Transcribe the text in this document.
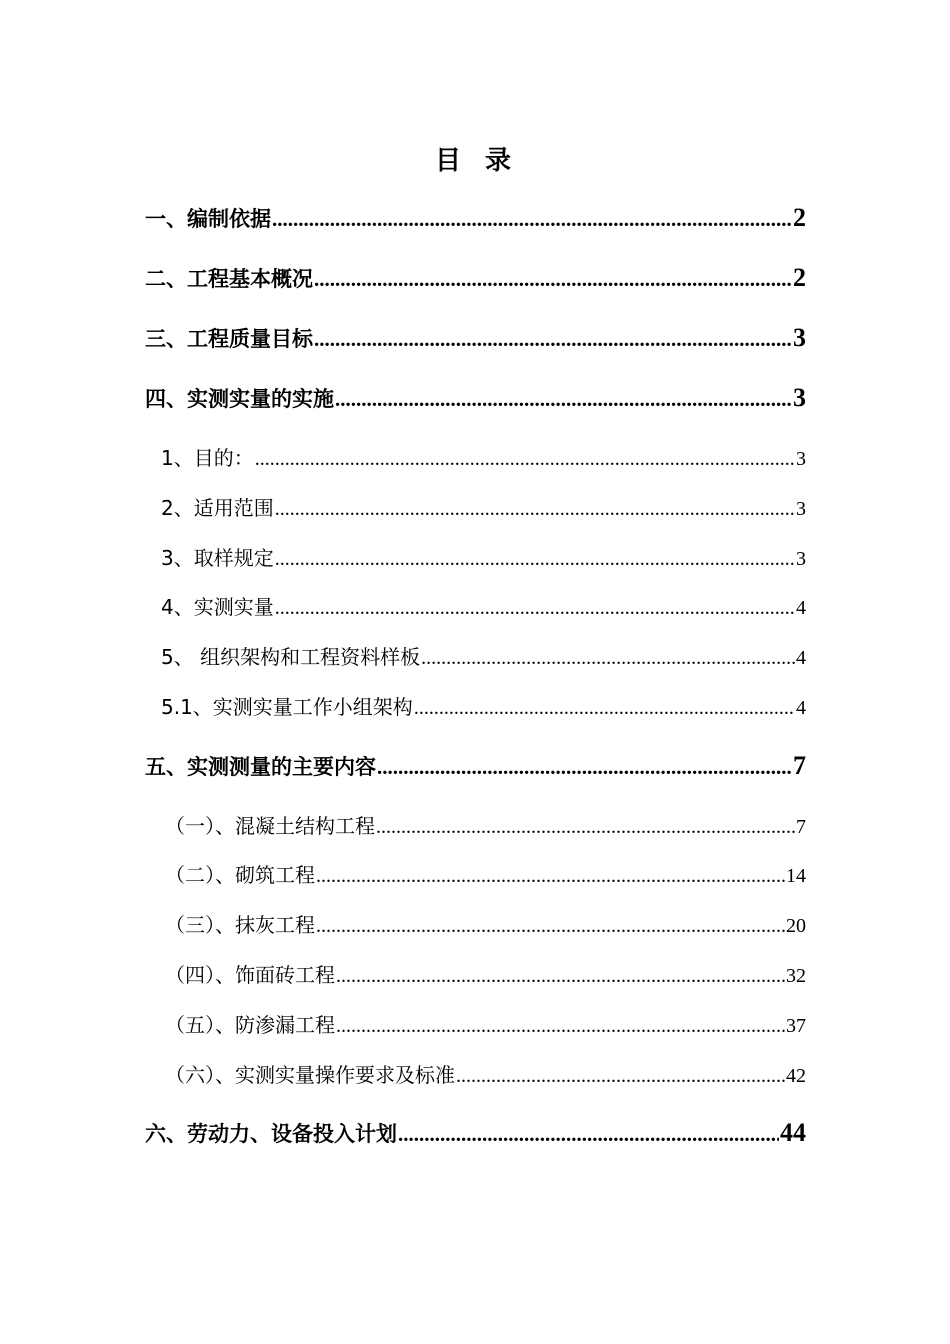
目 录
一、编制依据 .....	2
二、工程基本概况 .....	2
三、工程质量目标 .....	3
四、实测实量的实施 .....	3
1、目的： .....	3
2、适用范围 .....	3
3、取样规定 .....	3
4、实测实量 .....	4
5、 组织架构和工程资料样板 .....	4
5.1、实测实量工作小组架构 .....	4
五、实测测量的主要内容 .....	7
（一）、混凝土结构工程 .....	7
（二）、砌筑工程 .....	14
（三）、抹灰工程 .....	20
（四）、饰面砖工程 .....	32
（五）、防渗漏工程 .....	37
（六）、实测实量操作要求及标准 .....	42
六、劳动力、设备投入计划 .....	44
